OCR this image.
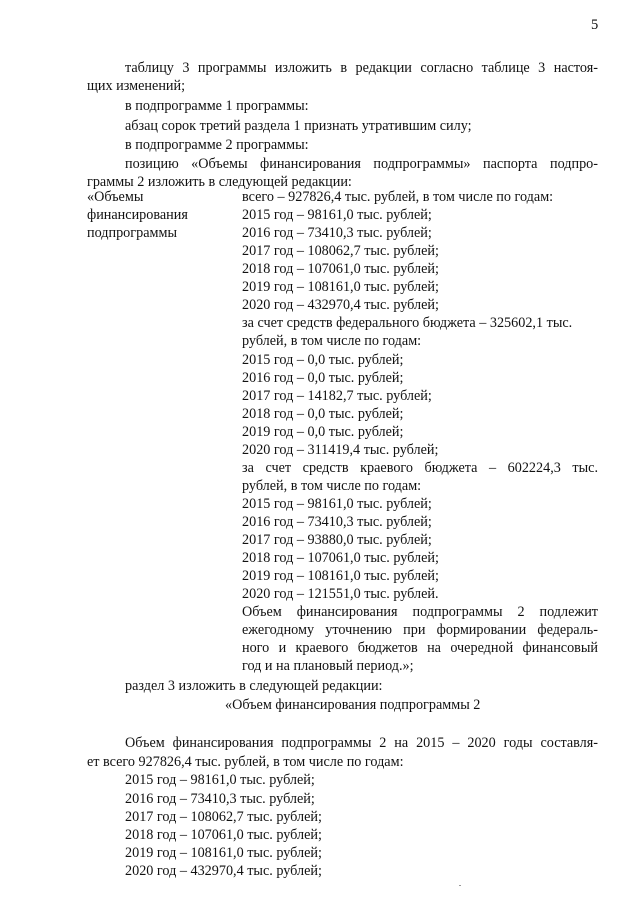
5
таблицу 3 программы изложить в редакции согласно таблице 3 настоя-
щих изменений;
в подпрограмме 1 программы:
абзац сорок третий раздела 1 признать утратившим силу;
в подпрограмме 2 программы:
позицию «Объемы финансирования подпрограммы» паспорта подпро-
граммы 2 изложить в следующей редакции:
«Объемы
финансирования
подпрограммы
всего – 927826,4 тыс. рублей, в том числе по годам:
2015 год – 98161,0 тыс. рублей;
2016 год – 73410,3 тыс. рублей;
2017 год – 108062,7 тыс. рублей;
2018 год – 107061,0 тыс. рублей;
2019 год – 108161,0 тыс. рублей;
2020 год – 432970,4 тыс. рублей;
за счет средств федерального бюджета – 325602,1 тыс.
рублей, в том числе по годам:
2015 год – 0,0 тыс. рублей;
2016 год – 0,0 тыс. рублей;
2017 год – 14182,7 тыс. рублей;
2018 год – 0,0 тыс. рублей;
2019 год – 0,0 тыс. рублей;
2020 год – 311419,4 тыс. рублей;
за счет средств краевого бюджета – 602224,3 тыс.
рублей, в том числе по годам:
2015 год – 98161,0 тыс. рублей;
2016 год – 73410,3 тыс. рублей;
2017 год – 93880,0 тыс. рублей;
2018 год – 107061,0 тыс. рублей;
2019 год – 108161,0 тыс. рублей;
2020 год – 121551,0 тыс. рублей.
Объем финансирования подпрограммы 2 подлежит
ежегодному уточнению при формировании федераль-
ного и краевого бюджетов на очередной финансовый
год и на плановый период.»;
раздел 3 изложить в следующей редакции:
«Объем финансирования подпрограммы 2
Объем финансирования подпрограммы 2 на 2015 – 2020 годы составля-
ет всего 927826,4 тыс. рублей, в том числе по годам:
2015 год – 98161,0 тыс. рублей;
2016 год – 73410,3 тыс. рублей;
2017 год – 108062,7 тыс. рублей;
2018 год – 107061,0 тыс. рублей;
2019 год – 108161,0 тыс. рублей;
2020 год – 432970,4 тыс. рублей;
